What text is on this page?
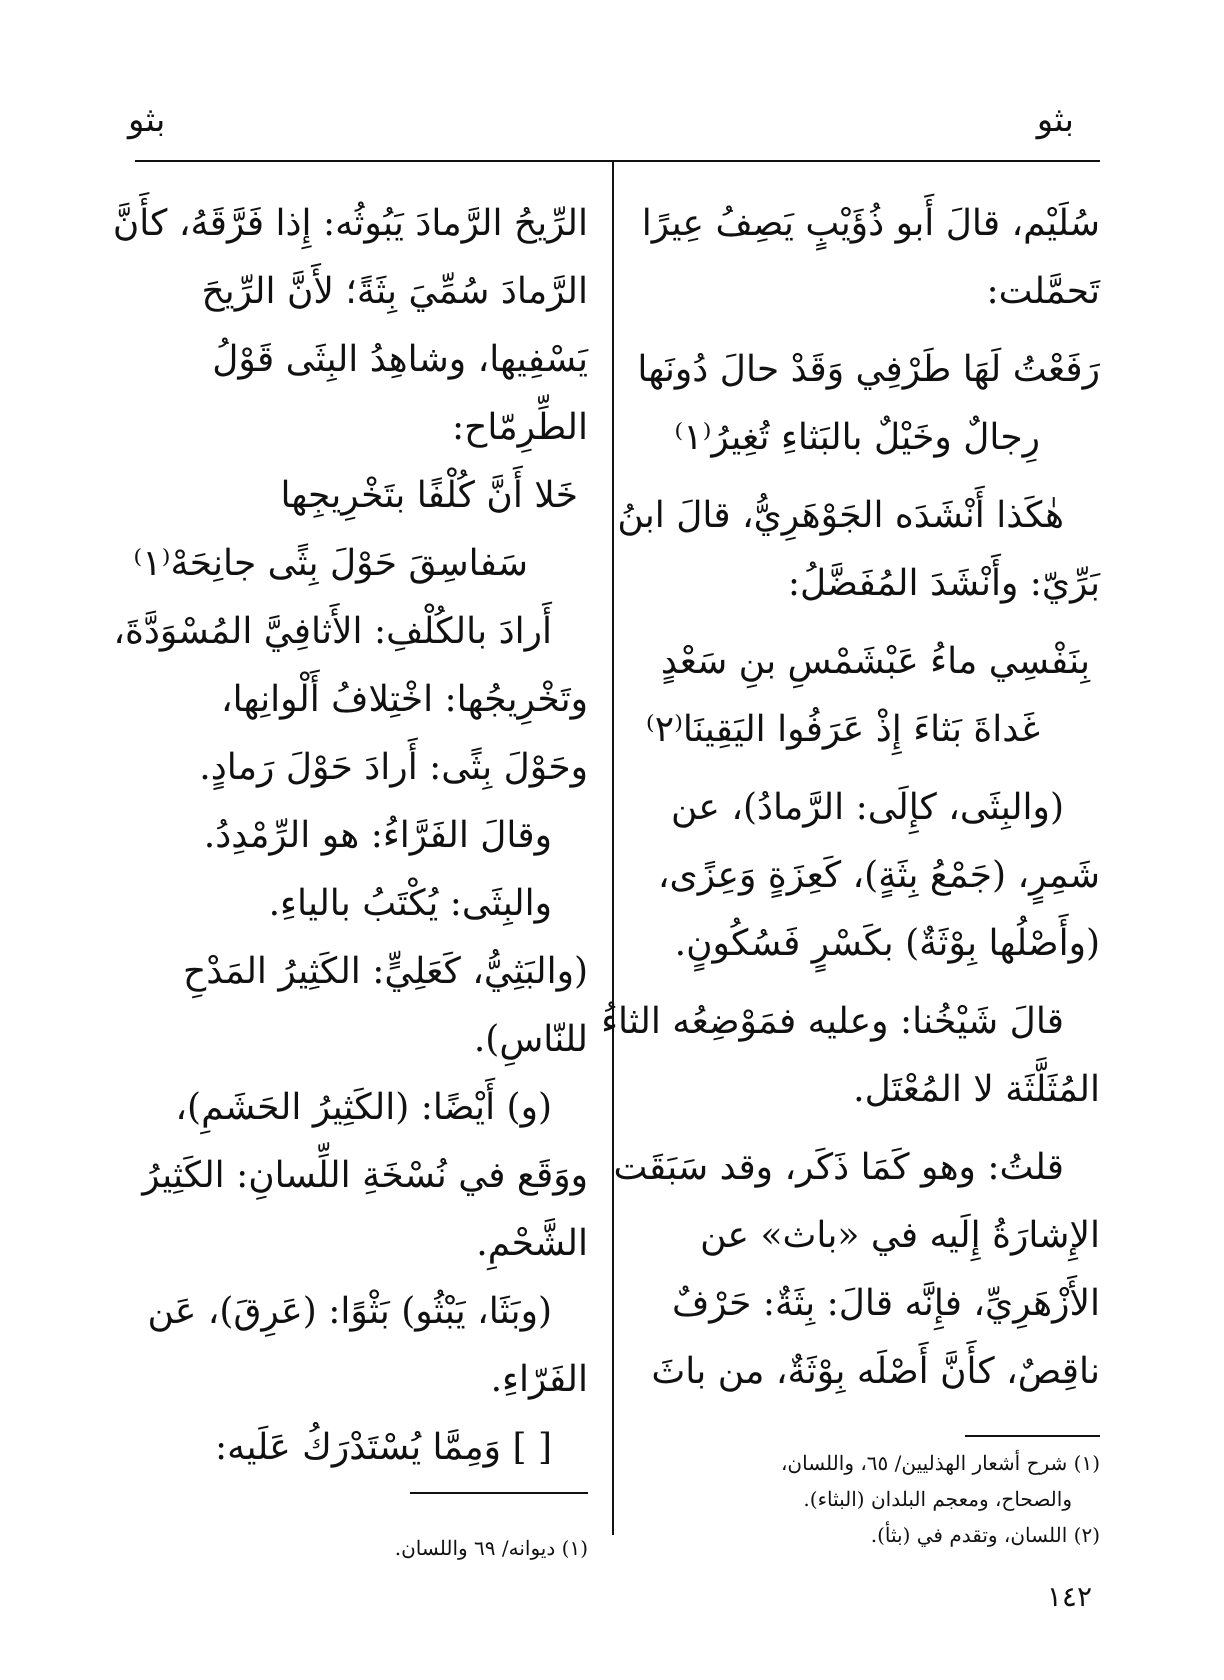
بثو
بثو
سُلَيْم، قالَ أَبو ذُؤَيْبٍ يَصِفُ عِيرًا
تَحمَّلت:
رَفَعْتُ لَهَا طَرْفِي وَقَدْ حالَ دُونَها
رِجالٌ وخَيْلٌ بالبَثاءِ تُغِيرُ⁽١⁾
هٰكَذا أَنْشَدَه الجَوْهَرِيُّ، قالَ ابنُ
بَرِّيّ: وأَنْشَدَ المُفَضَّلُ:
بِنَفْسِي ماءُ عَبْشَمْسِ بنِ سَعْدٍ
غَداةَ بَثاءَ إِذْ عَرَفُوا اليَقِينَا⁽٢⁾
(والبِثَى، كإِلَى: الرَّمادُ)، عن
شَمِرٍ، (جَمْعُ بِثَةٍ)، كَعِزَةٍ وَعِزًى،
(وأَصْلُها بِوْثَةٌ) بكَسْرٍ فَسُكُونٍ.
قالَ شَيْخُنا: وعليه فمَوْضِعُه الثاءُ
المُثَلَّثَة لا المُعْتَل.
قلتُ: وهو كَمَا ذَكَر، وقد سَبَقَت
الإِشارَةُ إِلَيه في «باث» عن
الأَزْهَرِيِّ، فإِنَّه قالَ: بِثَةٌ: حَرْفٌ
ناقِصٌ، كأَنَّ أَصْلَه بِوْثَةٌ، من باثَ
الرِّيحُ الرَّمادَ يَبُوثُه: إِذا فَرَّقَهُ، كأَنَّ
الرَّمادَ سُمِّيَ بِثَةً؛ لأَنَّ الرِّيحَ
يَسْفِيها، وشاهِدُ البِثَى قَوْلُ
الطِّرِمّاح:
خَلا أَنَّ كُلْفًا بتَخْرِيجِها
سَفاسِقَ حَوْلَ بِثًى جانِحَهْ⁽١⁾
أَرادَ بالكُلْفِ: الأَثافِيَّ المُسْوَدَّةَ،
وتَخْرِيجُها: اخْتِلافُ أَلْوانِها،
وحَوْلَ بِثًى: أَرادَ حَوْلَ رَمادٍ.
وقالَ الفَرَّاءُ: هو الرِّمْدِدُ.
والبِثَى: يُكْتَبُ بالياءِ.
(والبَثِيُّ، كَعَلِيٍّ: الكَثِيرُ المَدْحِ
للنّاسِ).
(و) أَيْضًا: (الكَثِيرُ الحَشَمِ)،
ووَقَع في نُسْخَةِ اللِّسانِ: الكَثِيرُ
الشَّحْمِ.
(وبَثَا، يَبْثُو) بَثْوًا: (عَرِقَ)، عَن
الفَرّاءِ.
[ ] وَمِمَّا يُسْتَدْرَكُ عَلَيه:	(١) شرح أشعار الهذليين/ ٦٥، واللسان،
والصحاح، ومعجم البلدان (البثاء).
(٢) اللسان، وتقدم في (بثأ).
(١) ديوانه/ ٦٩ واللسان.
١٤٢
